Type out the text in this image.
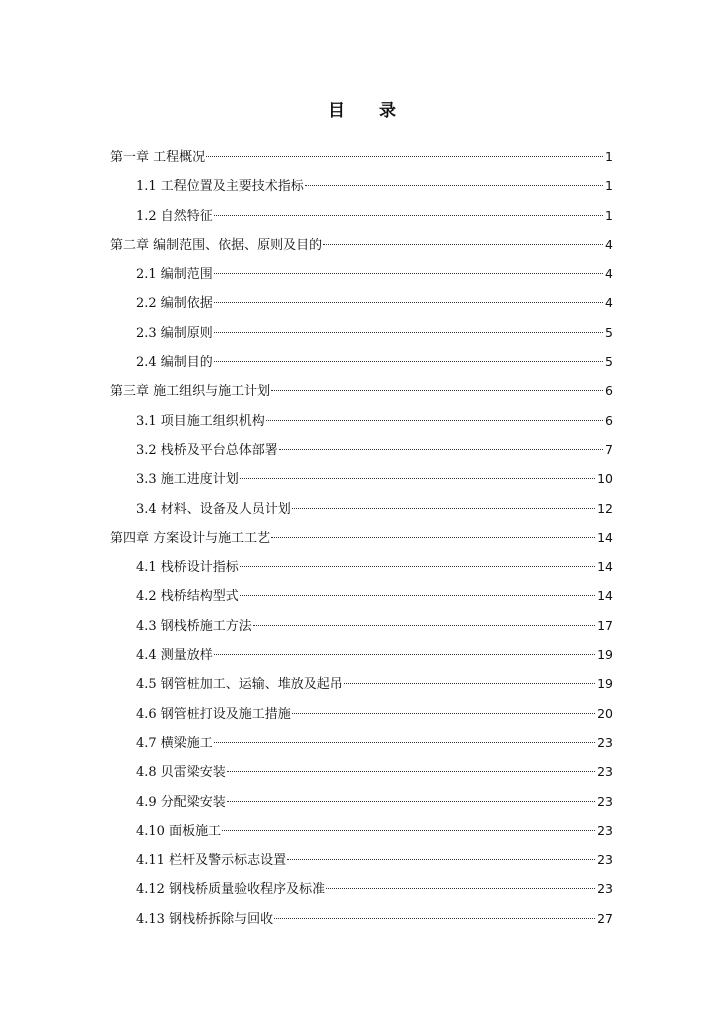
目 录
第一章 工程概况	1
1.1 工程位置及主要技术指标	1
1.2 自然特征	1
第二章 编制范围、依据、原则及目的	4
2.1 编制范围	4
2.2 编制依据	4
2.3 编制原则	5
2.4 编制目的	5
第三章 施工组织与施工计划	6
3.1 项目施工组织机构	6
3.2 栈桥及平台总体部署	7
3.3 施工进度计划	10
3.4 材料、设备及人员计划	12
第四章 方案设计与施工工艺	14
4.1 栈桥设计指标	14
4.2 栈桥结构型式	14
4.3 钢栈桥施工方法	17
4.4 测量放样	19
4.5 钢管桩加工、运输、堆放及起吊	19
4.6 钢管桩打设及施工措施	20
4.7 横梁施工	23
4.8 贝雷梁安装	23
4.9 分配梁安装	23
4.10 面板施工	23
4.11 栏杆及警示标志设置	23
4.12 钢栈桥质量验收程序及标准	23
4.13 钢栈桥拆除与回收	27
